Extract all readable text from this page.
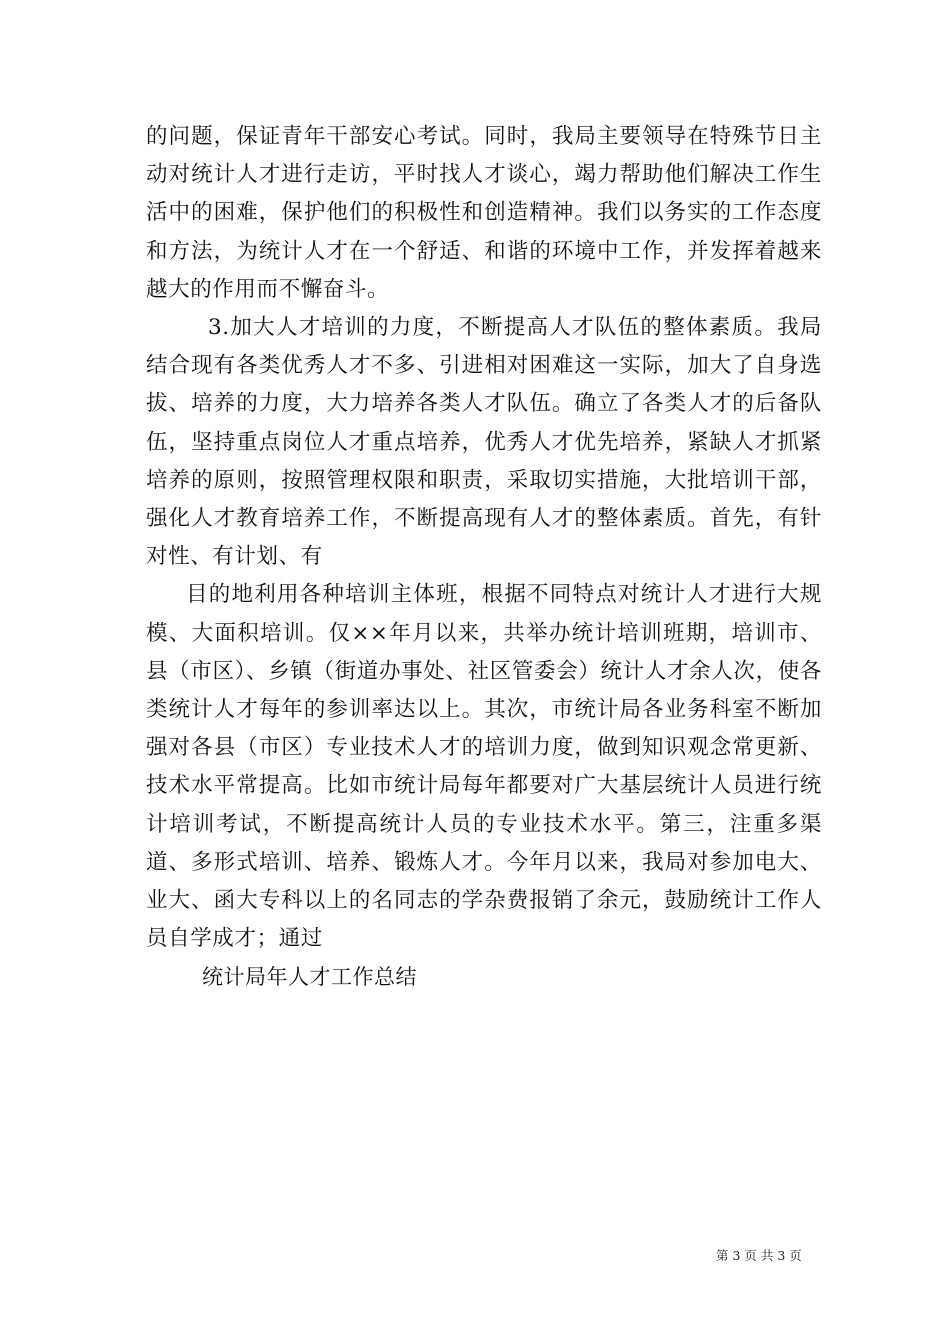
的问题，保证青年干部安心考试。同时，我局主要领导在特殊节日主动对统计人才进行走访，平时找人才谈心，竭力帮助他们解决工作生活中的困难，保护他们的积极性和创造精神。我们以务实的工作态度和方法，为统计人才在一个舒适、和谐的环境中工作，并发挥着越来越大的作用而不懈奋斗。

3.加大人才培训的力度，不断提高人才队伍的整体素质。我局结合现有各类优秀人才不多、引进相对困难这一实际，加大了自身选拔、培养的力度，大力培养各类人才队伍。确立了各类人才的后备队伍，坚持重点岗位人才重点培养，优秀人才优先培养，紧缺人才抓紧培养的原则，按照管理权限和职责，采取切实措施，大批培训干部，强化人才教育培养工作，不断提高现有人才的整体素质。首先，有针对性、有计划、有

目的地利用各种培训主体班，根据不同特点对统计人才进行大规模、大面积培训。仅××年月以来，共举办统计培训班期，培训市、县（市区）、乡镇（街道办事处、社区管委会）统计人才余人次，使各类统计人才每年的参训率达以上。其次，市统计局各业务科室不断加强对各县（市区）专业技术人才的培训力度，做到知识观念常更新、技术水平常提高。比如市统计局每年都要对广大基层统计人员进行统计培训考试，不断提高统计人员的专业技术水平。第三，注重多渠道、多形式培训、培养、锻炼人才。今年月以来，我局对参加电大、业大、函大专科以上的名同志的学杂费报销了余元，鼓励统计工作人员自学成才；通过

统计局年人才工作总结

第 3 页 共 3 页
